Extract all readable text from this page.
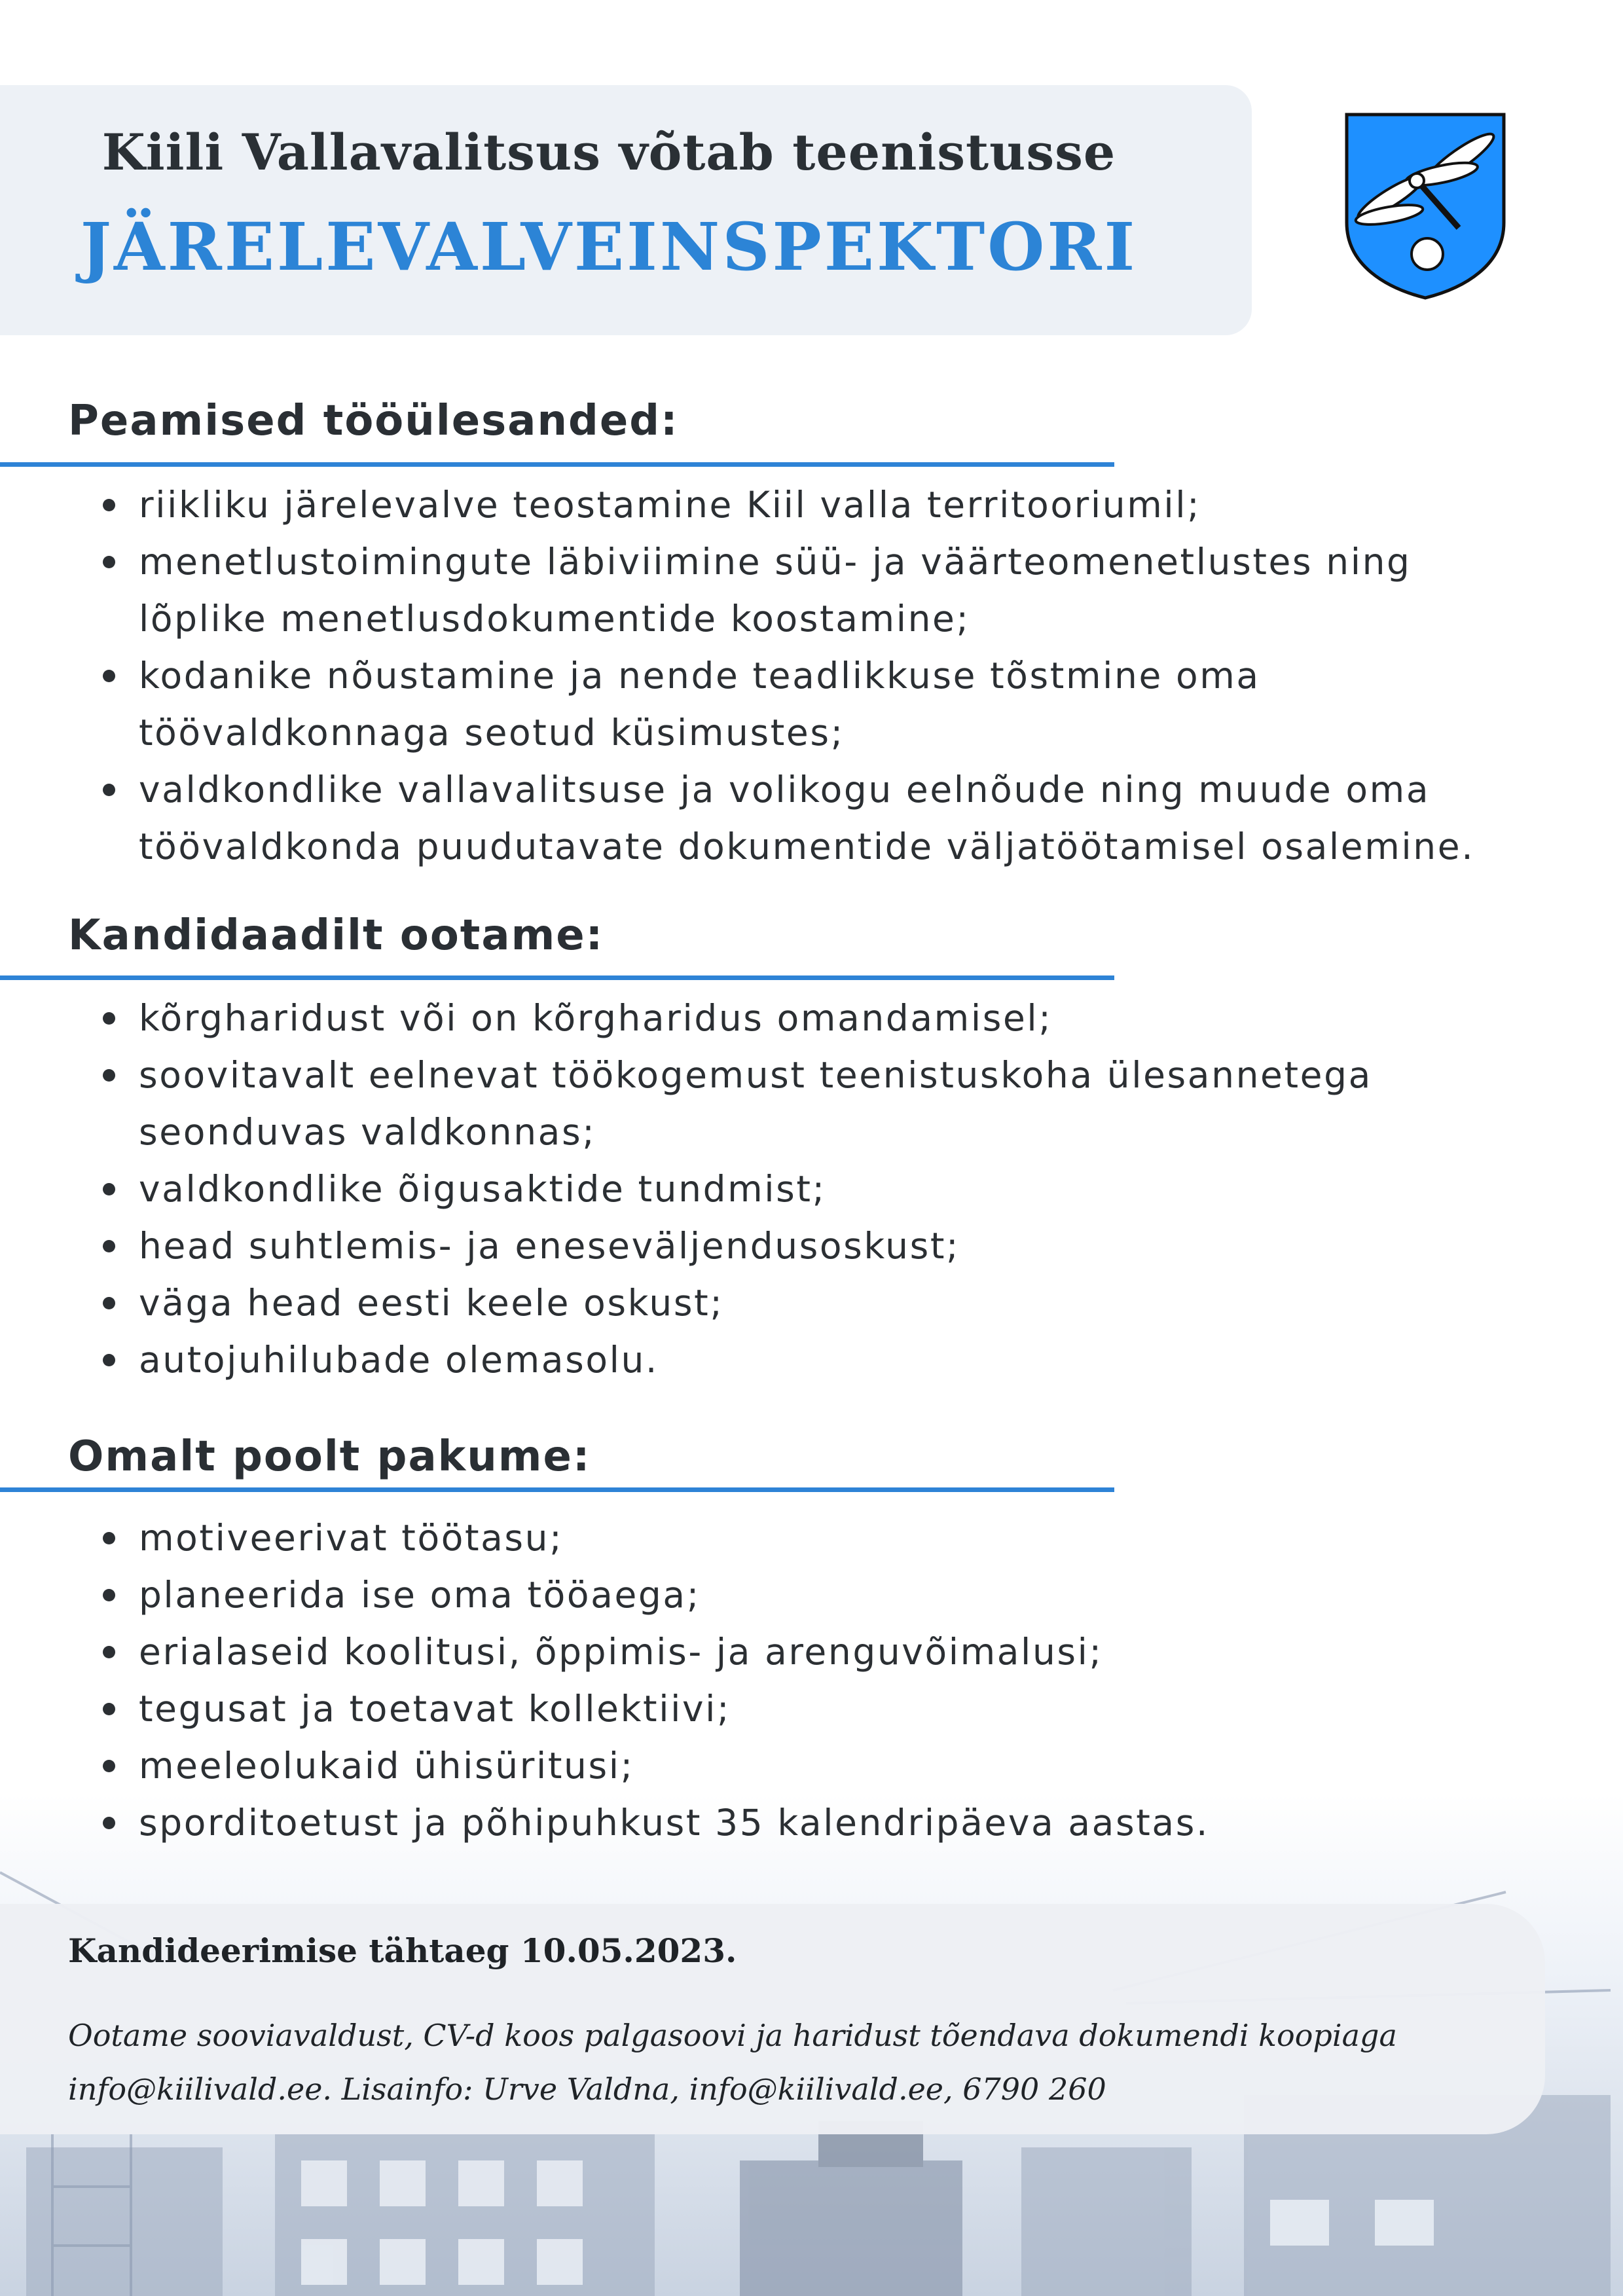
Kiili Vallavalitsus võtab teenistusse
JÄRELEVALVEINSPEKTORI
Peamised tööülesanded:
riikliku järelevalve teostamine Kiil valla territooriumil;
menetlustoimingute läbiviimine süü- ja väärteomenetlustes ning lõplike menetlusdokumentide koostamine;
kodanike nõustamine ja nende teadlikkuse tõstmine oma töövaldkonnaga seotud küsimustes;
valdkondlike vallavalitsuse ja volikogu eelnõude ning muude oma töövaldkonda puudutavate dokumentide väljatöötamisel osalemine.
Kandidaadilt ootame:
kõrgharidust või on kõrgharidus omandamisel;
soovitavalt eelnevat töökogemust teenistuskoha ülesannetega seonduvas valdkonnas;
valdkondlike õigusaktide tundmist;
head suhtlemis- ja eneseväljendusoskust;
väga head eesti keele oskust;
autojuhilubade olemasolu.
Omalt poolt pakume:
motiveerivat töötasu;
planeerida ise oma tööaega;
erialaseid koolitusi, õppimis- ja arenguvõimalusi;
tegusat ja toetavat kollektiivi;
meeleolukaid ühisüritusi;
sporditoetust ja põhipuhkust 35 kalendripäeva aastas.
Kandideerimise tähtaeg 10.05.2023.
Ootame sooviavaldust, CV-d koos palgasoovi ja haridust tõendava dokumendi koopiaga info@kiilivald.ee. Lisainfo: Urve Valdna, info@kiilivald.ee, 6790 260
